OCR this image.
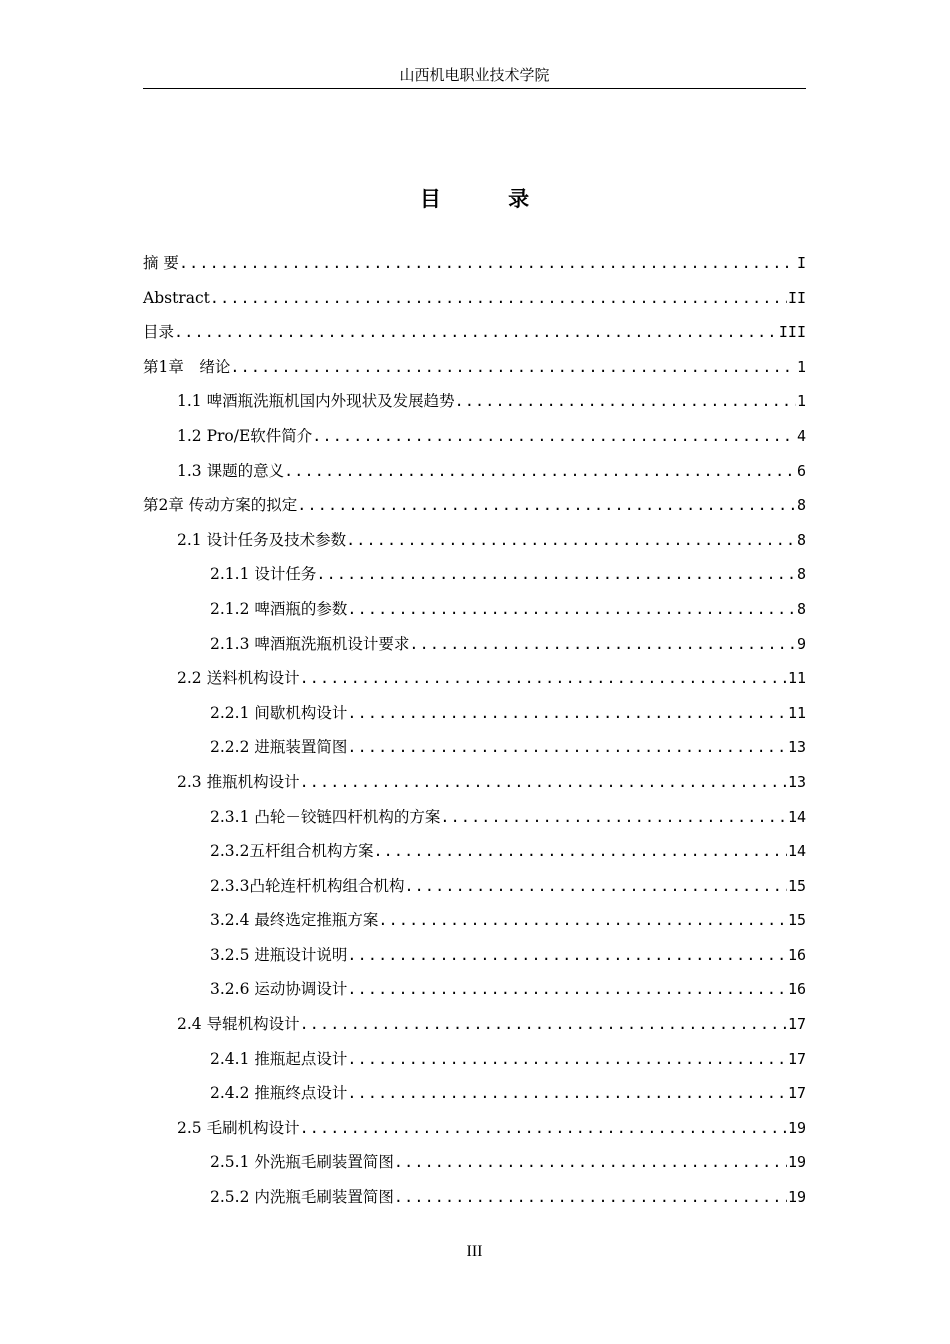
山西机电职业技术学院
目 录
摘 要 .....	I
Abstract .....	II
目录 .....	III
第1章　绪论 .....	1
1.1 啤酒瓶洗瓶机国内外现状及发展趋势 .....	1
1.2 Pro/E软件简介 .....	4
1.3 课题的意义 .....	6
第2章 传动方案的拟定 .....	8
2.1 设计任务及技术参数 .....	8
2.1.1 设计任务 .....	8
2.1.2 啤酒瓶的参数 .....	8
2.1.3 啤酒瓶洗瓶机设计要求 .....	9
2.2 送料机构设计 .....	11
2.2.1 间歇机构设计 .....	11
2.2.2 进瓶装置简图 .....	13
2.3 推瓶机构设计 .....	13
2.3.1 凸轮－铰链四杆机构的方案 .....	14
2.3.2五杆组合机构方案 .....	14
2.3.3凸轮连杆机构组合机构 .....	15
3.2.4 最终选定推瓶方案 .....	15
3.2.5 进瓶设计说明 .....	16
3.2.6 运动协调设计 .....	16
2.4 导辊机构设计 .....	17
2.4.1 推瓶起点设计 .....	17
2.4.2 推瓶终点设计 .....	17
2.5 毛刷机构设计 .....	19
2.5.1 外洗瓶毛刷装置简图 .....	19
2.5.2 内洗瓶毛刷装置简图 .....	19
III
